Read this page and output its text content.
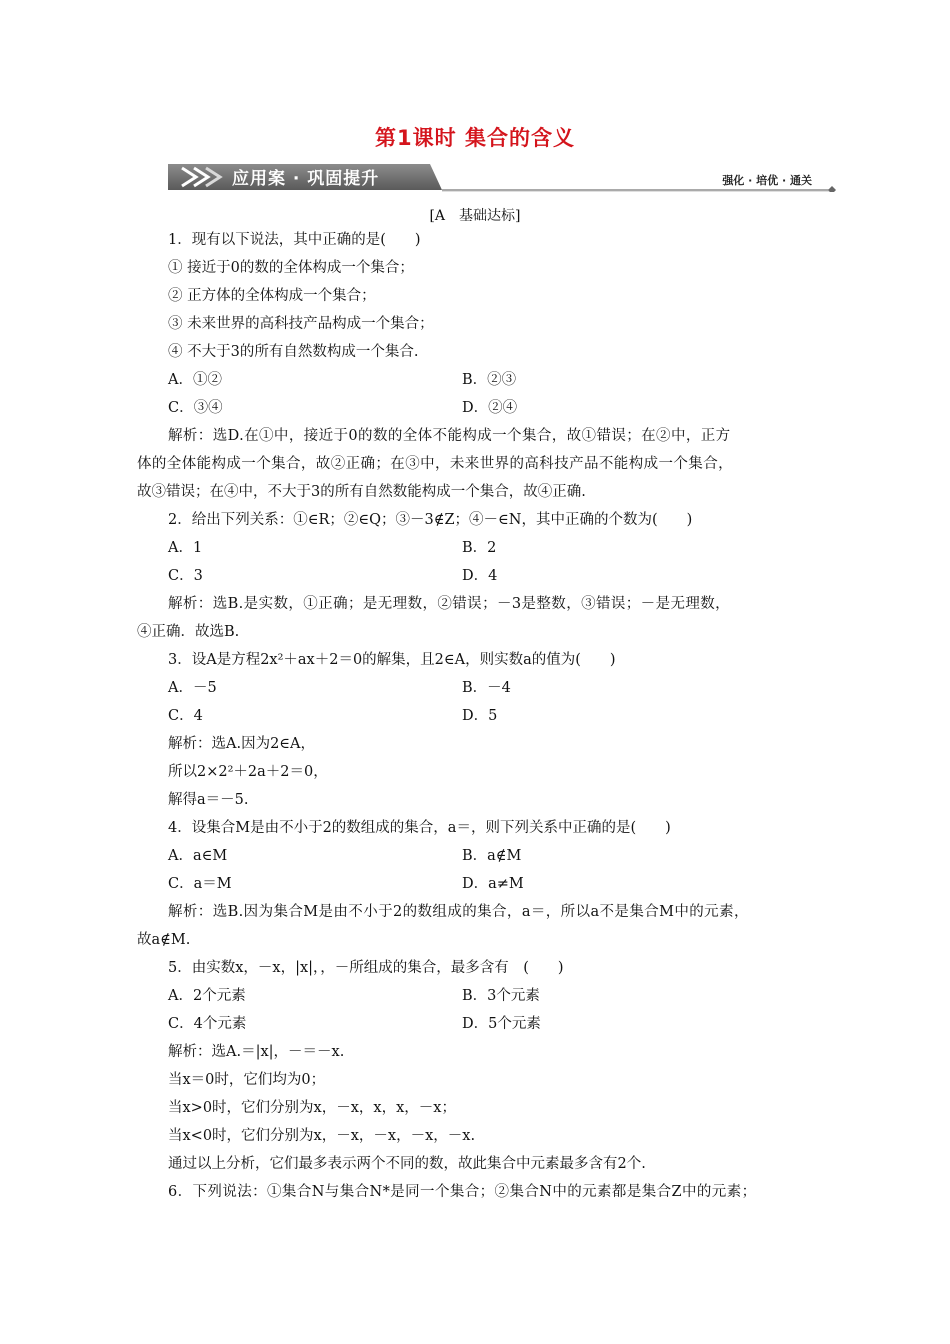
第1课时 集合的含义
应用案 · 巩固提升	强化 · 培优 · 通关
[A　基础达标]
1．现有以下说法，其中正确的是(　　)
① 接近于0的数的全体构成一个集合；
② 正方体的全体构成一个集合；
③ 未来世界的高科技产品构成一个集合；
④ 不大于3的所有自然数构成一个集合.
A．①②	B．②③
C．③④	D．②④
解析：选D.在①中，接近于0的数的全体不能构成一个集合，故①错误；在②中，正方
体的全体能构成一个集合，故②正确；在③中，未来世界的高科技产品不能构成一个集合，
故③错误；在④中，不大于3的所有自然数能构成一个集合，故④正确.
2．给出下列关系：①∈R；②∈Q；③－3∉Z；④－∈N，其中正确的个数为(　　)
A．1	B．2
C．3	D．4
解析：选B.是实数，①正确；是无理数，②错误；－3是整数，③错误；－是无理数，
④正确．故选B.
3．设A是方程2x²＋ax＋2＝0的解集，且2∈A，则实数a的值为(　　)
A．－5	B．－4
C．4	D．5
解析：选A.因为2∈A，
所以2×2²＋2a＋2＝0，
解得a＝－5.
4．设集合M是由不小于2的数组成的集合，a＝，则下列关系中正确的是(　　)
A．a∈M	B．a∉M
C．a＝M	D．a≠M
解析：选B.因为集合M是由不小于2的数组成的集合，a＝，所以a不是集合M中的元素，
故a∉M.
5．由实数x，－x，|x|，，－所组成的集合，最多含有　(　　)
A．2个元素	B．3个元素
C．4个元素	D．5个元素
解析：选A.＝|x|，－＝－x.
当x＝0时，它们均为0；
当x>0时，它们分别为x，－x，x，x，－x；
当x<0时，它们分别为x，－x，－x，－x，－x.
通过以上分析，它们最多表示两个不同的数，故此集合中元素最多含有2个.
6．下列说法：①集合N与集合N*是同一个集合；②集合N中的元素都是集合Z中的元素；
